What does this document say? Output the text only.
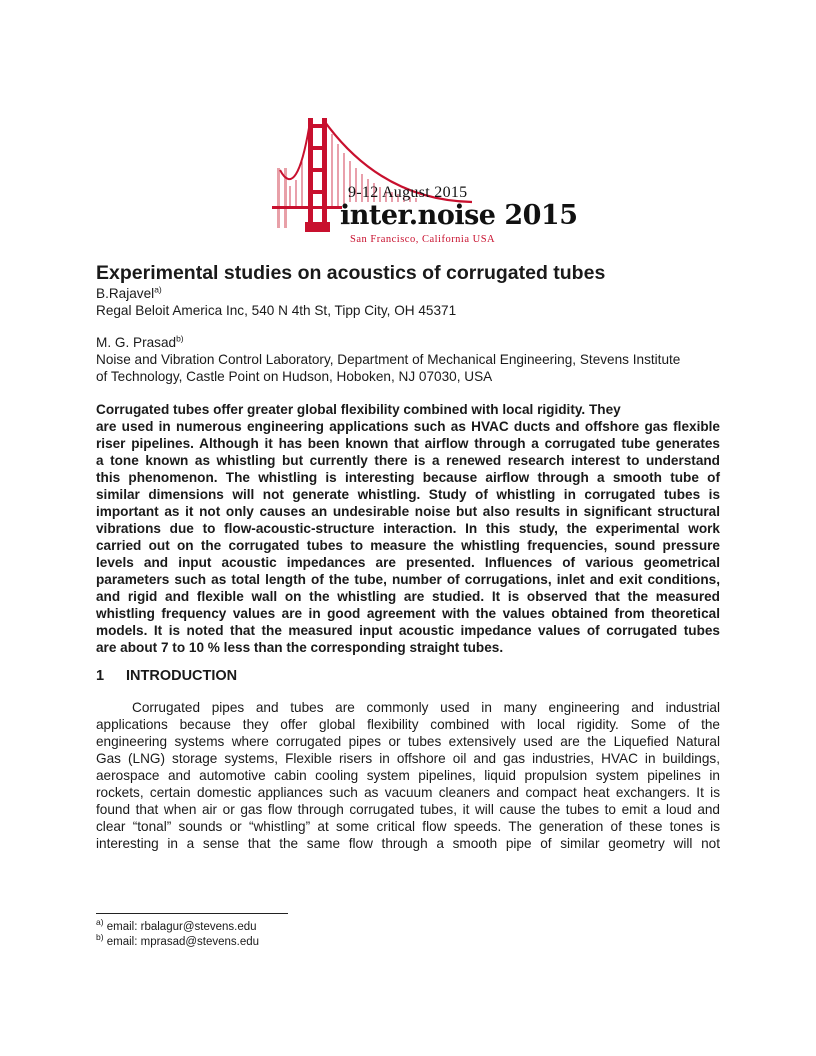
9-12 August 2015
inter.noise 2015
San Francisco, California USA
Experimental studies on acoustics of corrugated tubes

B.Rajavel$^{a)}$

Regal Beloit America Inc, 540 N 4th St, Tipp City, OH 45371

M. G. Prasad$^{b)}$

Noise and Vibration Control Laboratory, Department of Mechanical Engineering, Stevens Institute

of Technology, Castle Point on Hudson, Hoboken, NJ 07030, USA

Corrugated tubes offer greater global flexibility combined with local rigidity. They
are used in numerous engineering applications such as HVAC ducts and offshore gas flexible
riser pipelines. Although it has been known that airflow through a corrugated tube generates
a tone known as whistling but currently there is a renewed research interest to understand
this phenomenon. The whistling is interesting because airflow through a smooth tube of
similar dimensions will not generate whistling. Study of whistling in corrugated tubes is
important as it not only causes an undesirable noise but also results in significant structural
vibrations due to flow-acoustic-structure interaction. In this study, the experimental work
carried out on the corrugated tubes to measure the whistling frequencies, sound pressure
levels and input acoustic impedances are presented. Influences of various geometrical
parameters such as total length of the tube, number of corrugations, inlet and exit conditions,
and rigid and flexible wall on the whistling are studied. It is observed that the measured
whistling frequency values are in good agreement with the values obtained from theoretical
models. It is noted that the measured input acoustic impedance values of corrugated tubes
are about 7 to 10 % less than the corresponding straight tubes.

1 INTRODUCTION

Corrugated pipes and tubes are commonly used in many engineering and industrial
applications because they offer global flexibility combined with local rigidity. Some of the
engineering systems where corrugated pipes or tubes extensively used are the Liquefied Natural
Gas (LNG) storage systems, Flexible risers in offshore oil and gas industries, HVAC in buildings,
aerospace and automotive cabin cooling system pipelines, liquid propulsion system pipelines in
rockets, certain domestic appliances such as vacuum cleaners and compact heat exchangers. It is
found that when air or gas flow through corrugated tubes, it will cause the tubes to emit a loud and
clear “tonal” sounds or “whistling” at some critical flow speeds. The generation of these tones is
interesting in a sense that the same flow through a smooth pipe of similar geometry will not

$^{a)}$ email: rbalagur@stevens.edu

$^{b)}$ email: mprasad@stevens.edu
